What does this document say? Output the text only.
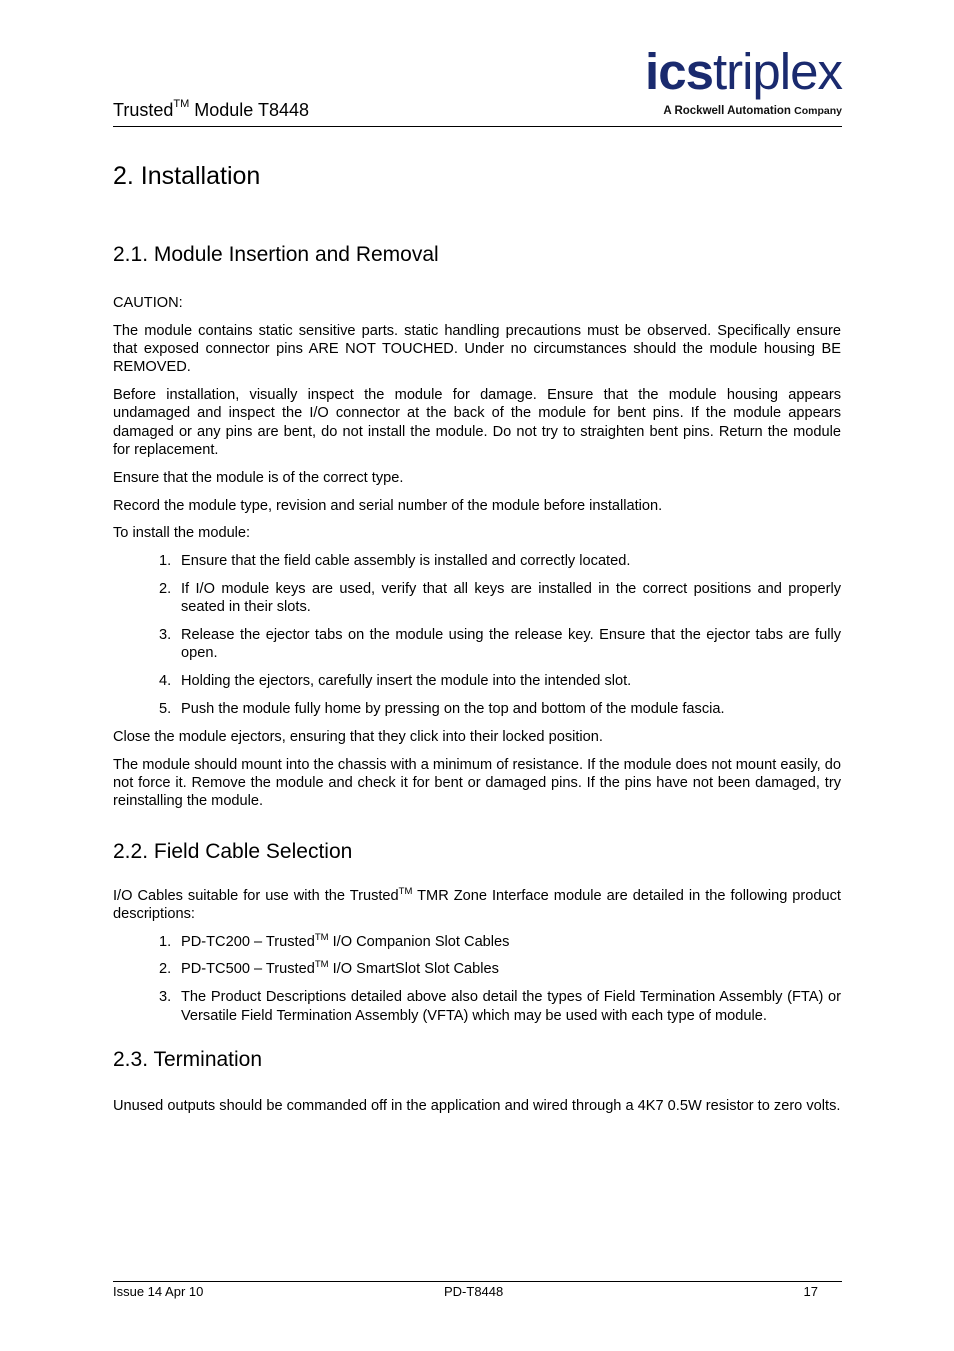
Trusted™ Module T8448
icstriplex
A Rockwell Automation Company
2. Installation
2.1. Module Insertion and Removal

CAUTION:

The module contains static sensitive parts. static handling precautions must be observed. Specifically ensure that exposed connector pins ARE NOT TOUCHED. Under no circumstances should the module housing BE REMOVED.

Before installation, visually inspect the module for damage. Ensure that the module housing appears undamaged and inspect the I/O connector at the back of the module for bent pins. If the module appears damaged or any pins are bent, do not install the module. Do not try to straighten bent pins. Return the module for replacement.

Ensure that the module is of the correct type.

Record the module type, revision and serial number of the module before installation.

To install the module:

1. Ensure that the field cable assembly is installed and correctly located.
2. If I/O module keys are used, verify that all keys are installed in the correct positions and properly seated in their slots.
3. Release the ejector tabs on the module using the release key. Ensure that the ejector tabs are fully open.
4. Holding the ejectors, carefully insert the module into the intended slot.
5. Push the module fully home by pressing on the top and bottom of the module fascia.

Close the module ejectors, ensuring that they click into their locked position.

The module should mount into the chassis with a minimum of resistance. If the module does not mount easily, do not force it. Remove the module and check it for bent or damaged pins. If the pins have not been damaged, try reinstalling the module.

2.2. Field Cable Selection

I/O Cables suitable for use with the Trusted™ TMR Zone Interface module are detailed in the following product descriptions:

1. PD-TC200 – Trusted™ I/O Companion Slot Cables
2. PD-TC500 – Trusted™ I/O SmartSlot Slot Cables
3. The Product Descriptions detailed above also detail the types of Field Termination Assembly (FTA) or Versatile Field Termination Assembly (VFTA) which may be used with each type of module.
2.3. Termination

Unused outputs should be commanded off in the application and wired through a 4K7 0.5W resistor to zero volts.

Issue 14 Apr 10	PD-T8448	17
